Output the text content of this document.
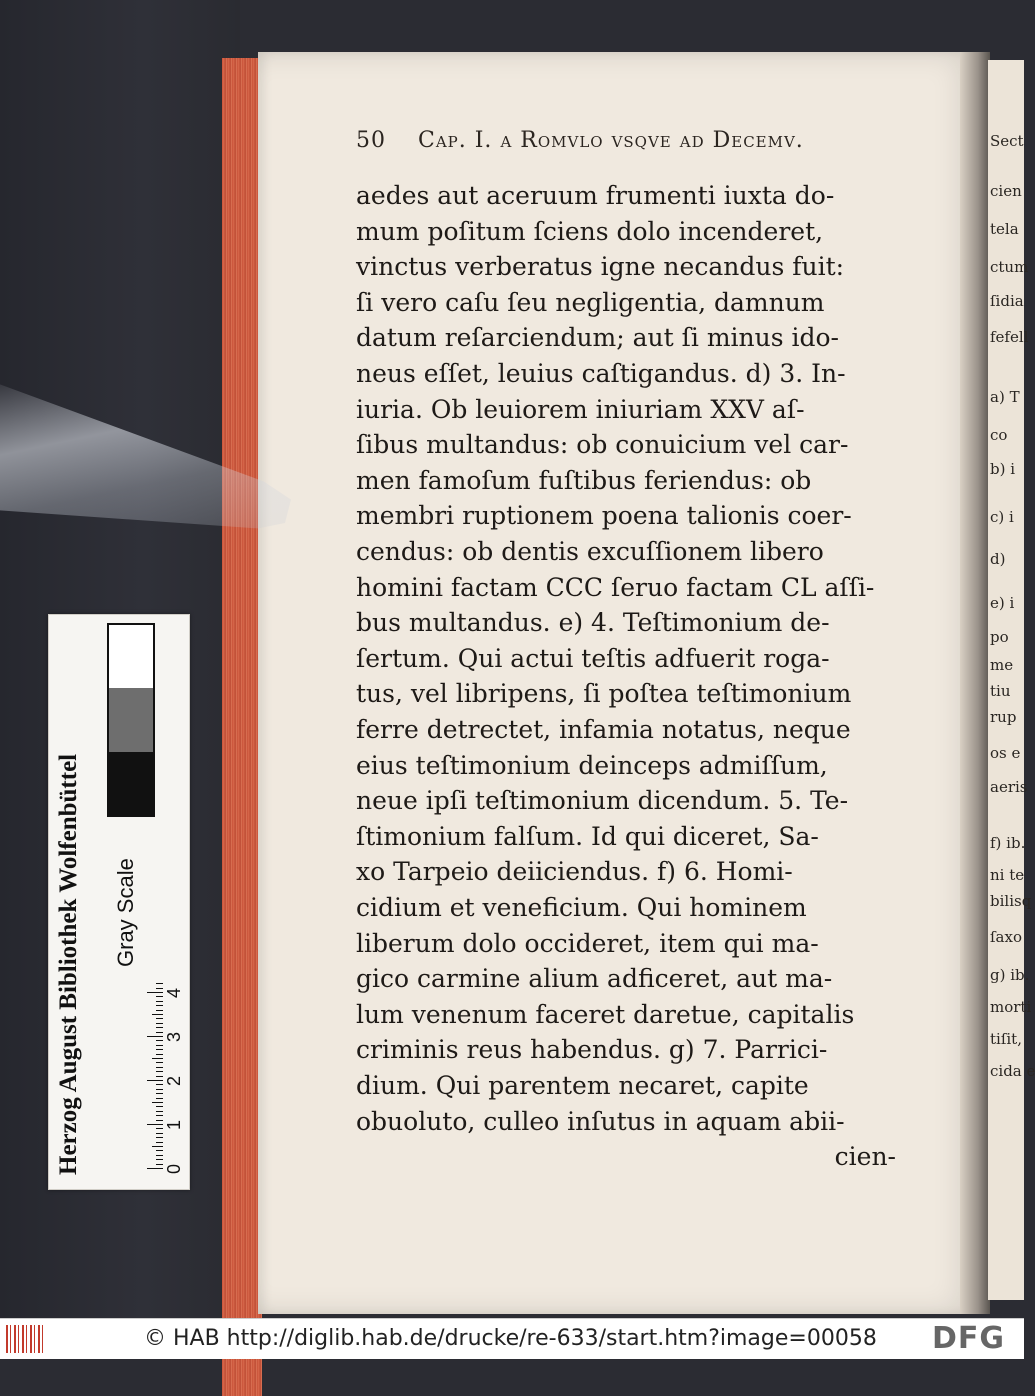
Sect
cien
tela
ctum
ſidia
fefell
a) T
co
b) i
c) i
d)
e) i
po
me
tiu
rup
os e
aeris
f) ib.
ni te
bilisq
ſaxo
g) ib.
morti
tiſit,
cida e
50 Cap. I. a Romvlo vsqve ad Decemv.
aedes aut aceruum frumenti iuxta do-
mum poſitum ſciens dolo incenderet,
vinctus verberatus igne necandus fuit:
ſi vero caſu ſeu negligentia, damnum
datum reſarciendum; aut ſi minus ido-
neus eſſet, leuius caſtigandus. d) 3. In-
iuria. Ob leuiorem iniuriam XXV aſ-
ſibus multandus: ob conuicium vel car-
men famoſum fuſtibus feriendus: ob
membri ruptionem poena talionis coer-
cendus: ob dentis excuſſionem libero
homini factam CCC ſeruo factam CL aſſi-
bus multandus. e) 4. Teſtimonium de-
ſertum. Qui actui teſtis adfuerit roga-
tus, vel libripens, ſi poſtea teſtimonium
ferre detrectet, infamia notatus, neque
eius teſtimonium deinceps admiſſum,
neue ipſi teſtimonium dicendum. 5. Te-
ſtimonium falſum. Id qui diceret, Sa-
xo Tarpeio deiiciendus. f) 6. Homi-
cidium et veneficium. Qui hominem
liberum dolo occideret, item qui ma-
gico carmine alium adficeret, aut ma-
lum venenum faceret daretue, capitalis
criminis reus habendus. g) 7. Parrici-
dium. Qui parentem necaret, capite
obuoluto, culleo inſutus in aquam abii-
cien-
Herzog August Bibliothek Wolfenbüttel	Gray Scale
0
1
2
3
4
© HAB http://diglib.hab.de/drucke/re-633/start.htm?image=00058 DFG
